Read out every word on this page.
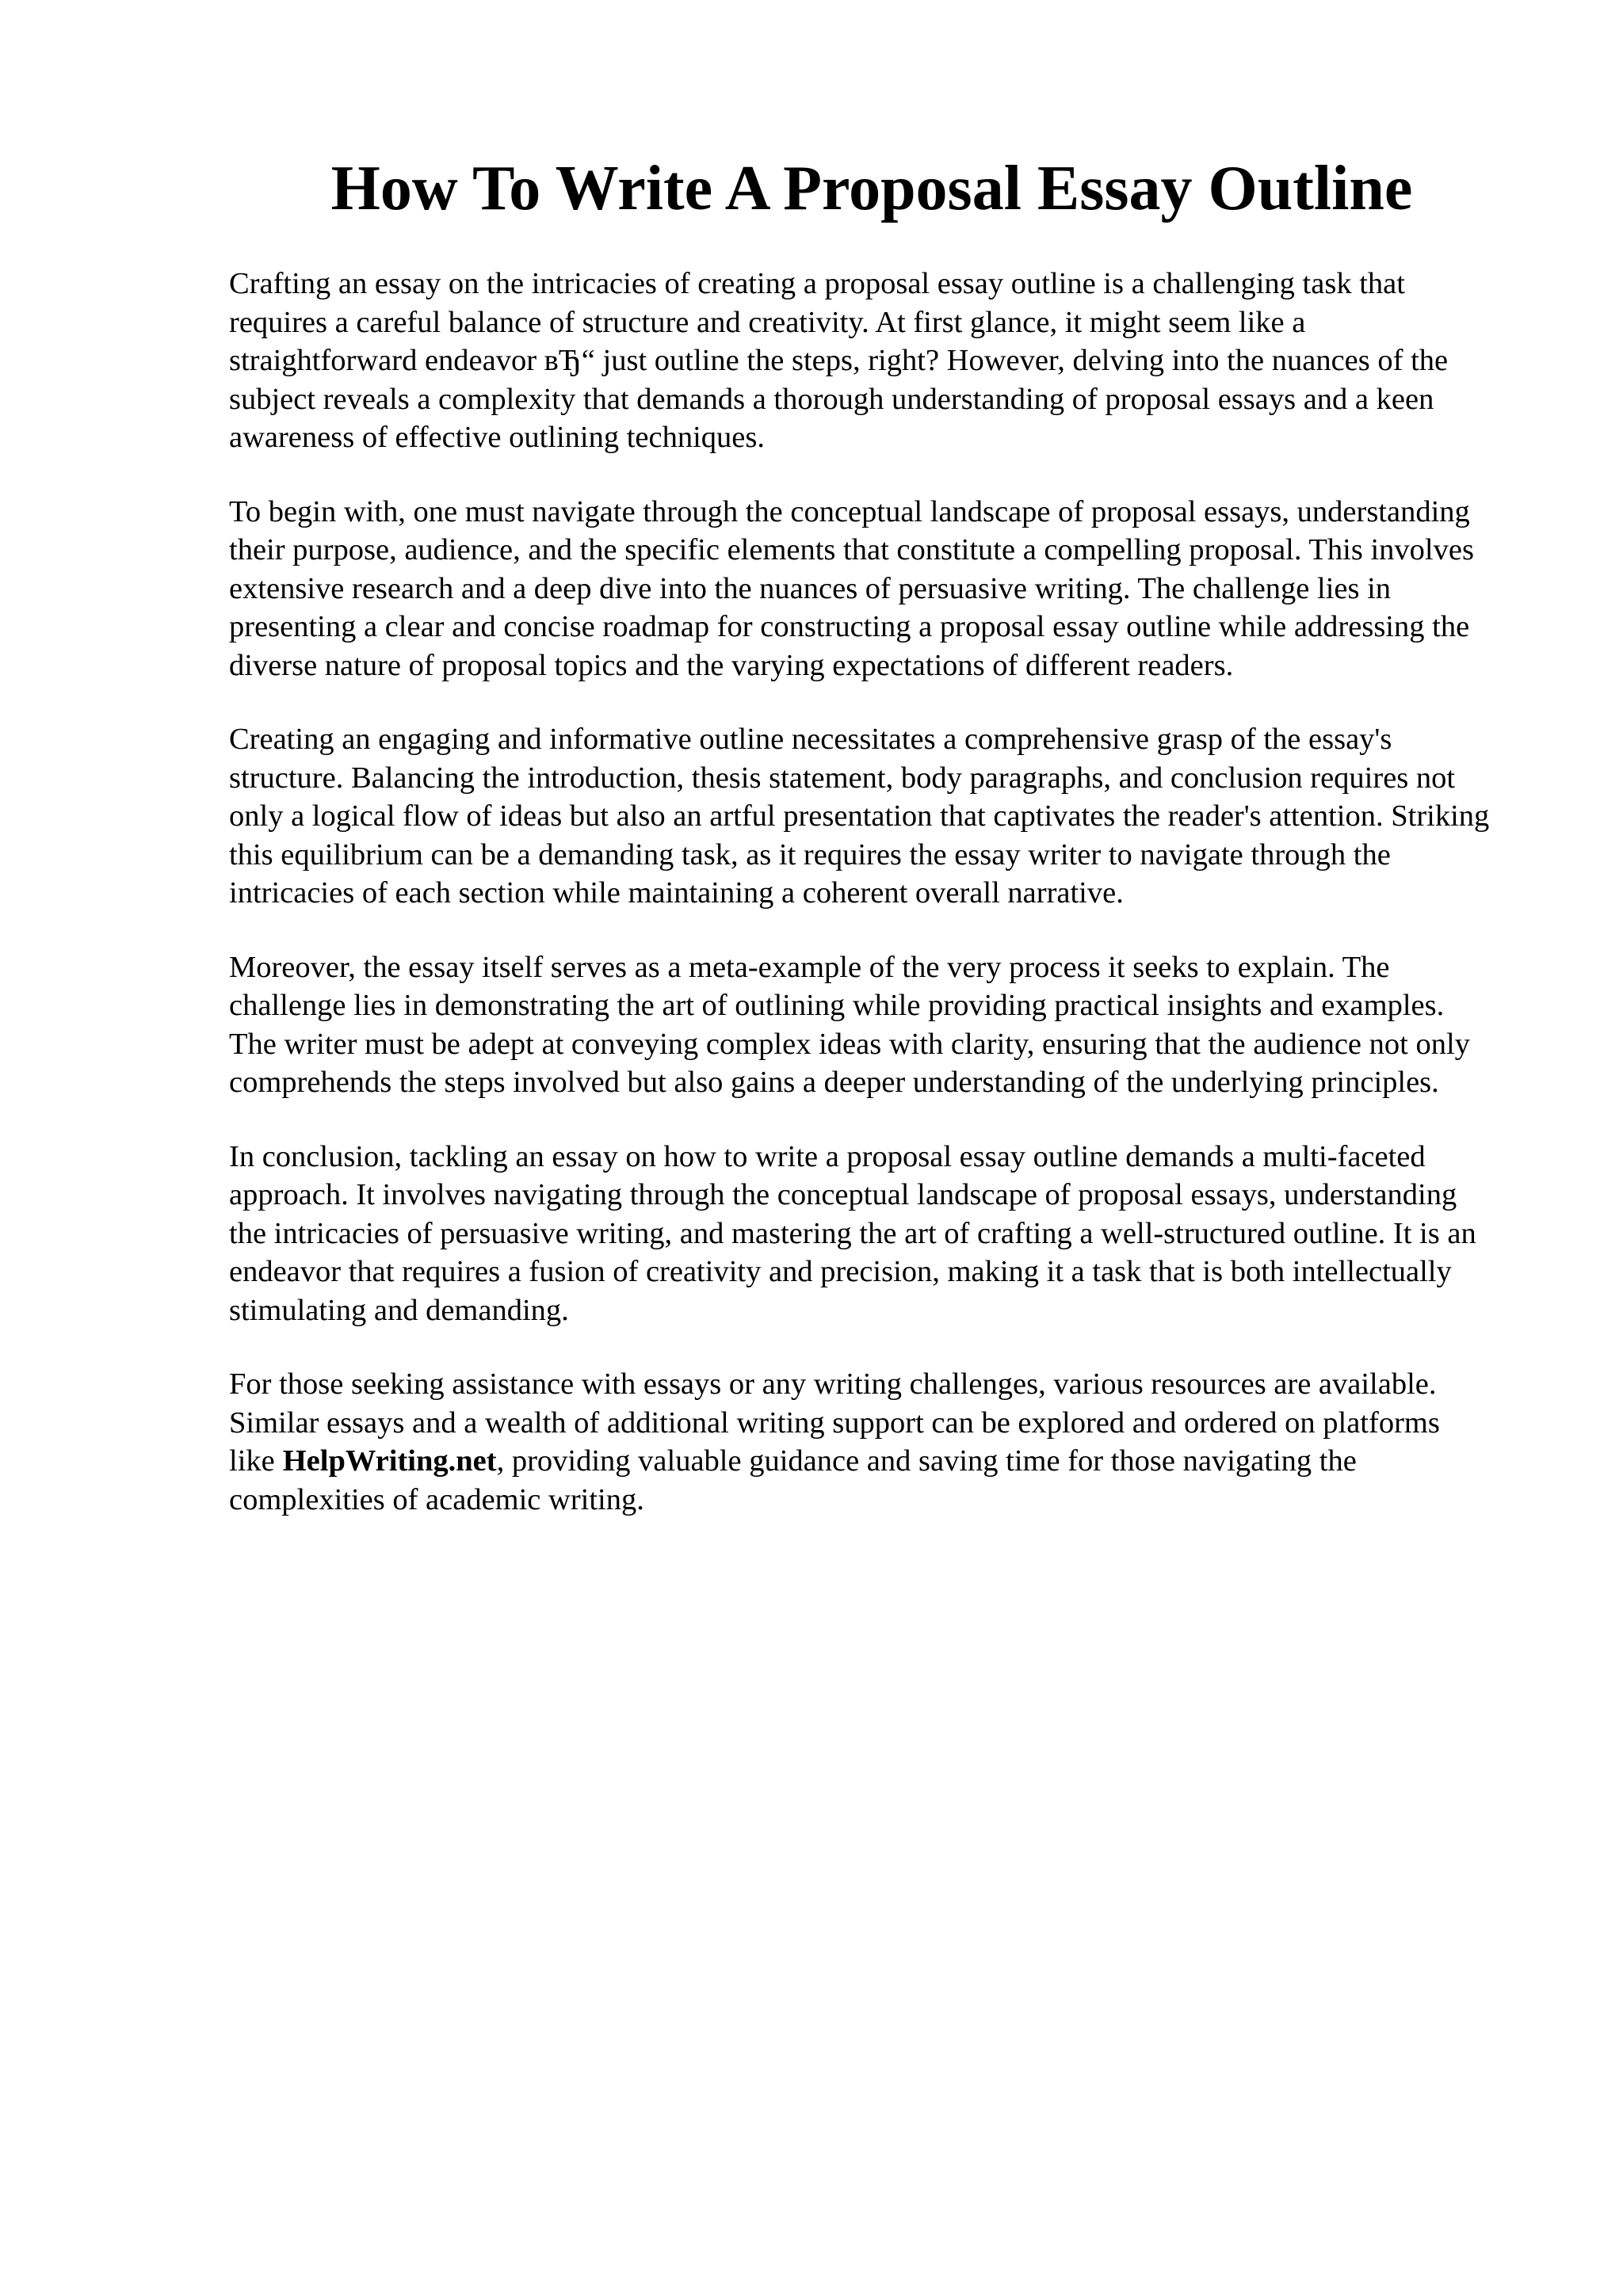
How To Write A Proposal Essay Outline

Crafting an essay on the intricacies of creating a proposal essay outline is a challenging task that requires a careful balance of structure and creativity. At first glance, it might seem like a straightforward endeavor вЂ“ just outline the steps, right? However, delving into the nuances of the subject reveals a complexity that demands a thorough understanding of proposal essays and a keen awareness of effective outlining techniques.

To begin with, one must navigate through the conceptual landscape of proposal essays, understanding their purpose, audience, and the specific elements that constitute a compelling proposal. This involves extensive research and a deep dive into the nuances of persuasive writing. The challenge lies in presenting a clear and concise roadmap for constructing a proposal essay outline while addressing the diverse nature of proposal topics and the varying expectations of different readers.

Creating an engaging and informative outline necessitates a comprehensive grasp of the essay's structure. Balancing the introduction, thesis statement, body paragraphs, and conclusion requires not only a logical flow of ideas but also an artful presentation that captivates the reader's attention. Striking this equilibrium can be a demanding task, as it requires the essay writer to navigate through the intricacies of each section while maintaining a coherent overall narrative.

Moreover, the essay itself serves as a meta-example of the very process it seeks to explain. The challenge lies in demonstrating the art of outlining while providing practical insights and examples. The writer must be adept at conveying complex ideas with clarity, ensuring that the audience not only comprehends the steps involved but also gains a deeper understanding of the underlying principles.

In conclusion, tackling an essay on how to write a proposal essay outline demands a multi-faceted approach. It involves navigating through the conceptual landscape of proposal essays, understanding the intricacies of persuasive writing, and mastering the art of crafting a well-structured outline. It is an endeavor that requires a fusion of creativity and precision, making it a task that is both intellectually stimulating and demanding.

For those seeking assistance with essays or any writing challenges, various resources are available. Similar essays and a wealth of additional writing support can be explored and ordered on platforms like HelpWriting.net, providing valuable guidance and saving time for those navigating the complexities of academic writing.
